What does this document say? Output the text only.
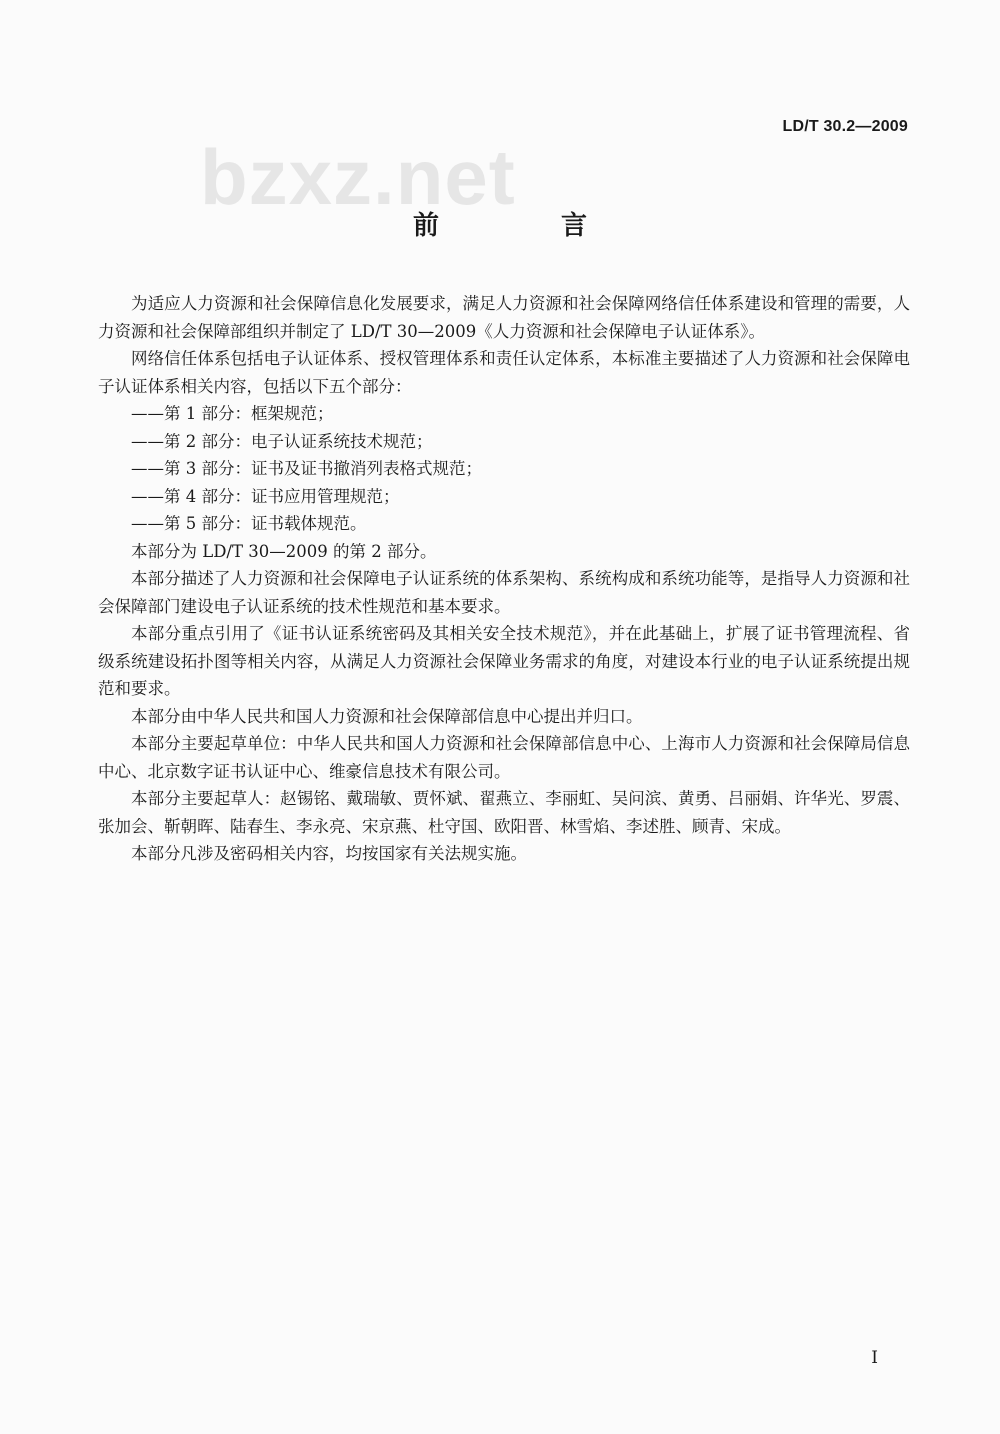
bzxz.net
LD/T 30.2—2009
前　言

为适应人力资源和社会保障信息化发展要求，满足人力资源和社会保障网络信任体系建设和管理的需要，人力资源和社会保障部组织并制定了 LD/T 30—2009《人力资源和社会保障电子认证体系》。

网络信任体系包括电子认证体系、授权管理体系和责任认定体系，本标准主要描述了人力资源和社会保障电子认证体系相关内容，包括以下五个部分：

——第 1 部分：框架规范；

——第 2 部分：电子认证系统技术规范；

——第 3 部分：证书及证书撤消列表格式规范；

——第 4 部分：证书应用管理规范；

——第 5 部分：证书载体规范。

本部分为 LD/T 30—2009 的第 2 部分。

本部分描述了人力资源和社会保障电子认证系统的体系架构、系统构成和系统功能等，是指导人力资源和社会保障部门建设电子认证系统的技术性规范和基本要求。

本部分重点引用了《证书认证系统密码及其相关安全技术规范》，并在此基础上，扩展了证书管理流程、省级系统建设拓扑图等相关内容，从满足人力资源社会保障业务需求的角度，对建设本行业的电子认证系统提出规范和要求。

本部分由中华人民共和国人力资源和社会保障部信息中心提出并归口。

本部分主要起草单位：中华人民共和国人力资源和社会保障部信息中心、上海市人力资源和社会保障局信息中心、北京数字证书认证中心、维豪信息技术有限公司。

本部分主要起草人：赵锡铭、戴瑞敏、贾怀斌、翟燕立、李丽虹、吴问滨、黄勇、吕丽娟、许华光、罗震、张加会、靳朝晖、陆春生、李永亮、宋京燕、杜守国、欧阳晋、林雪焰、李述胜、顾青、宋成。

本部分凡涉及密码相关内容，均按国家有关法规实施。

I
